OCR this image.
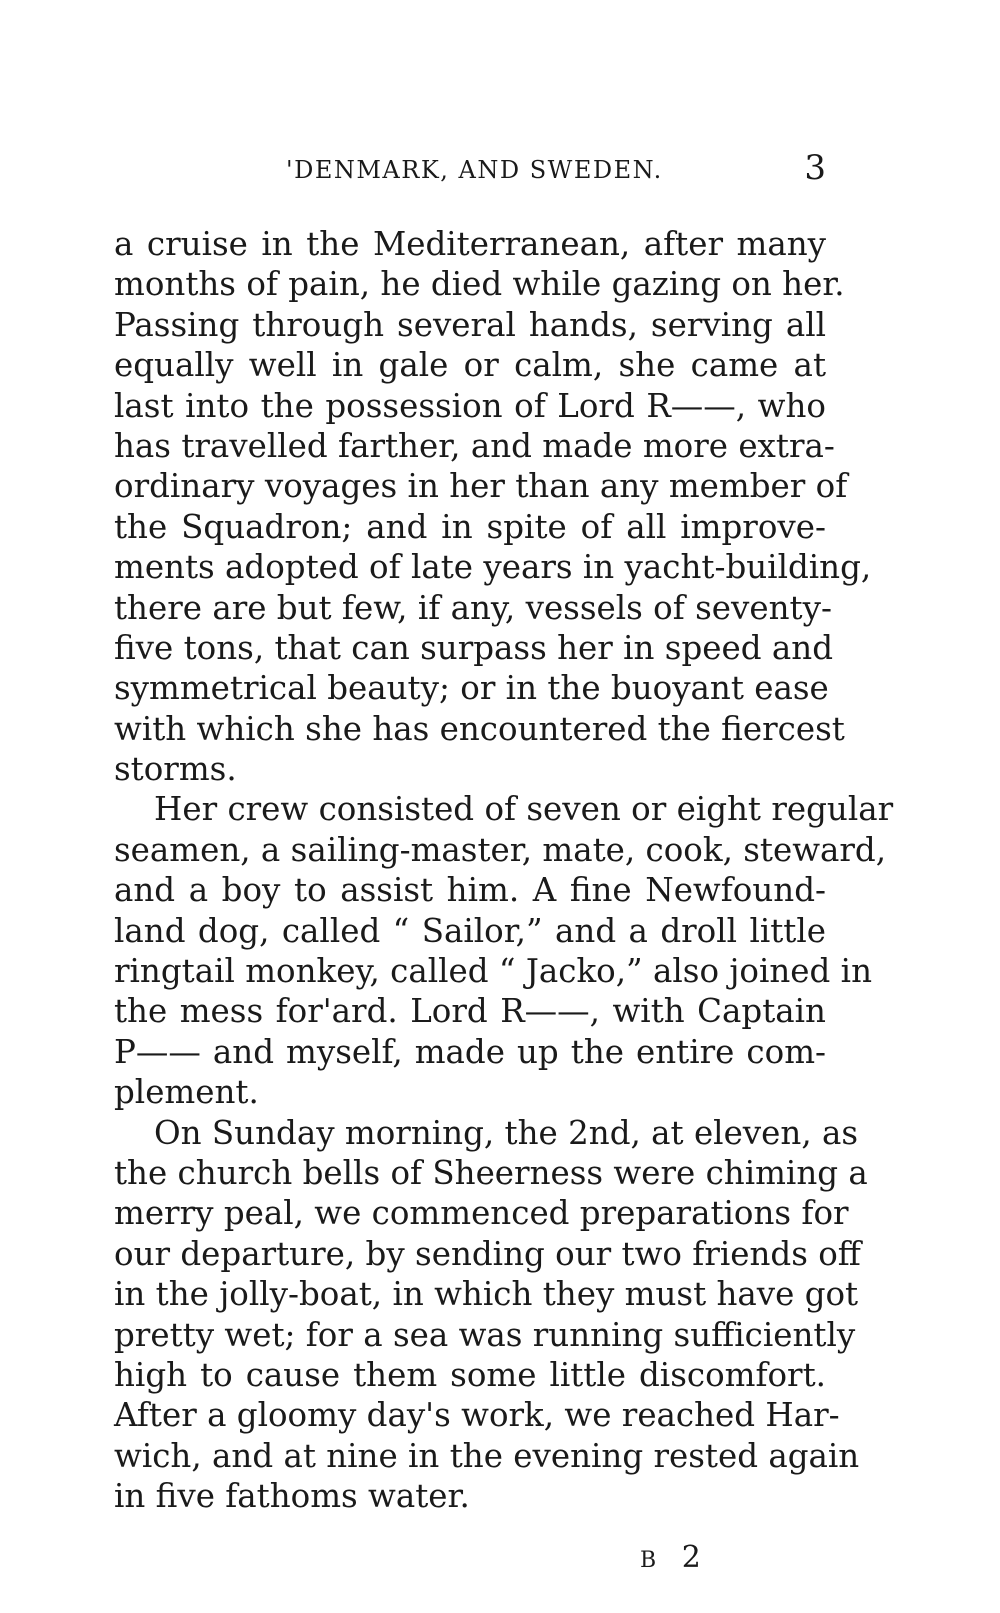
'DENMARK, AND SWEDEN.	3
a cruise in the Mediterranean, after many
months of pain, he died while gazing on her.
Passing through several hands, serving all
equally well in gale or calm, she came at
last into the possession of Lord R——, who
has travelled farther, and made more extra-
ordinary voyages in her than any member of
the Squadron; and in spite of all improve-
ments adopted of late years in yacht-building,
there are but few, if any, vessels of seventy-
five tons, that can surpass her in speed and
symmetrical beauty; or in the buoyant ease
with which she has encountered the fiercest
storms.
Her crew consisted of seven or eight regular
seamen, a sailing-master, mate, cook, steward,
and a boy to assist him. A fine Newfound-
land dog, called “ Sailor,” and a droll little
ringtail monkey, called “ Jacko,” also joined in
the mess for'ard. Lord R——, with Captain
P—— and myself, made up the entire com-
plement.
On Sunday morning, the 2nd, at eleven, as
the church bells of Sheerness were chiming a
merry peal, we commenced preparations for
our departure, by sending our two friends off
in the jolly-boat, in which they must have got
pretty wet; for a sea was running sufficiently
high to cause them some little discomfort.
After a gloomy day's work, we reached Har-
wich, and at nine in the evening rested again
in five fathoms water.
B 2
